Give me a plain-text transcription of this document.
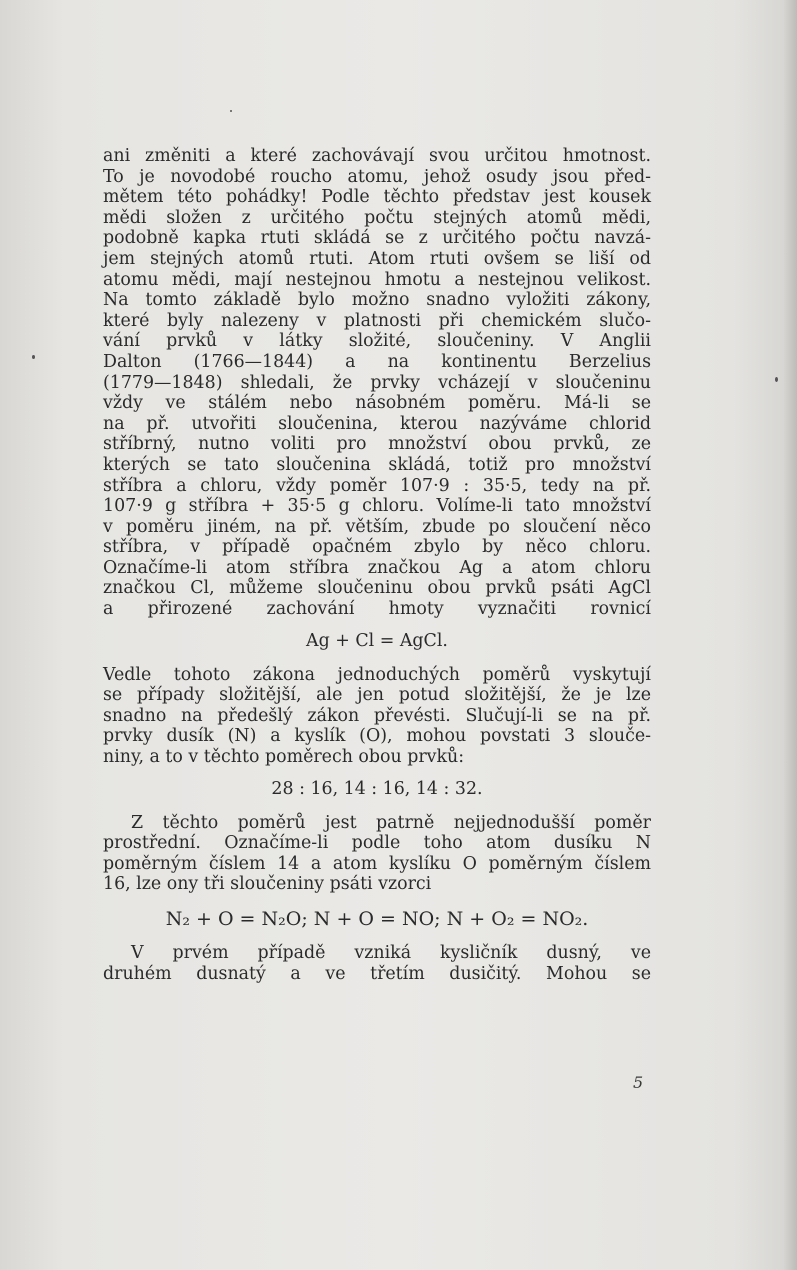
ani změniti a které zachovávají svou určitou hmotnost.
To je novodobé roucho atomu, jehož osudy jsou před-
mětem této pohádky! Podle těchto představ jest kousek
mědi složen z určitého počtu stejných atomů mědi,
podobně kapka rtuti skládá se z určitého počtu navzá-
jem stejných atomů rtuti. Atom rtuti ovšem se liší od
atomu mědi, mají nestejnou hmotu a nestejnou velikost.
Na tomto základě bylo možno snadno vyložiti zákony,
které byly nalezeny v platnosti při chemickém slučo-
vání prvků v látky složité, sloučeniny. V Anglii
Dalton (1766—1844) a na kontinentu Berzelius
(1779—1848) shledali, že prvky vcházejí v sloučeninu
vždy ve stálém nebo násobném poměru. Má-li se
na př. utvořiti sloučenina, kterou nazýváme chlorid
stříbrný, nutno voliti pro množství obou prvků, ze
kterých se tato sloučenina skládá, totiž pro množství
stříbra a chloru, vždy poměr 107·9 : 35·5, tedy na př.
107·9 g stříbra + 35·5 g chloru. Volíme-li tato množství
v poměru jiném, na př. větším, zbude po sloučení něco
stříbra, v případě opačném zbylo by něco chloru.
Označíme-li atom stříbra značkou Ag a atom chloru
značkou Cl, můžeme sloučeninu obou prvků psáti AgCl
a přirozené zachování hmoty vyznačiti rovnicí
Ag + Cl = AgCl.
Vedle tohoto zákona jednoduchých poměrů vyskytují
se případy složitější, ale jen potud složitější, že je lze
snadno na předešlý zákon převésti. Slučují-li se na př.
prvky dusík (N) a kyslík (O), mohou povstati 3 slouče-
niny, a to v těchto poměrech obou prvků:
28 : 16, 14 : 16, 14 : 32.
Z těchto poměrů jest patrně nejjednodušší poměr
prostřední. Označíme-li podle toho atom dusíku N
poměrným číslem 14 a atom kyslíku O poměrným číslem
16, lze ony tři sloučeniny psáti vzorci
N₂ + O = N₂O; N + O = NO; N + O₂ = NO₂.
V prvém případě vzniká kysličník dusný, ve
druhém dusnatý a ve třetím dusičitý. Mohou se
5
